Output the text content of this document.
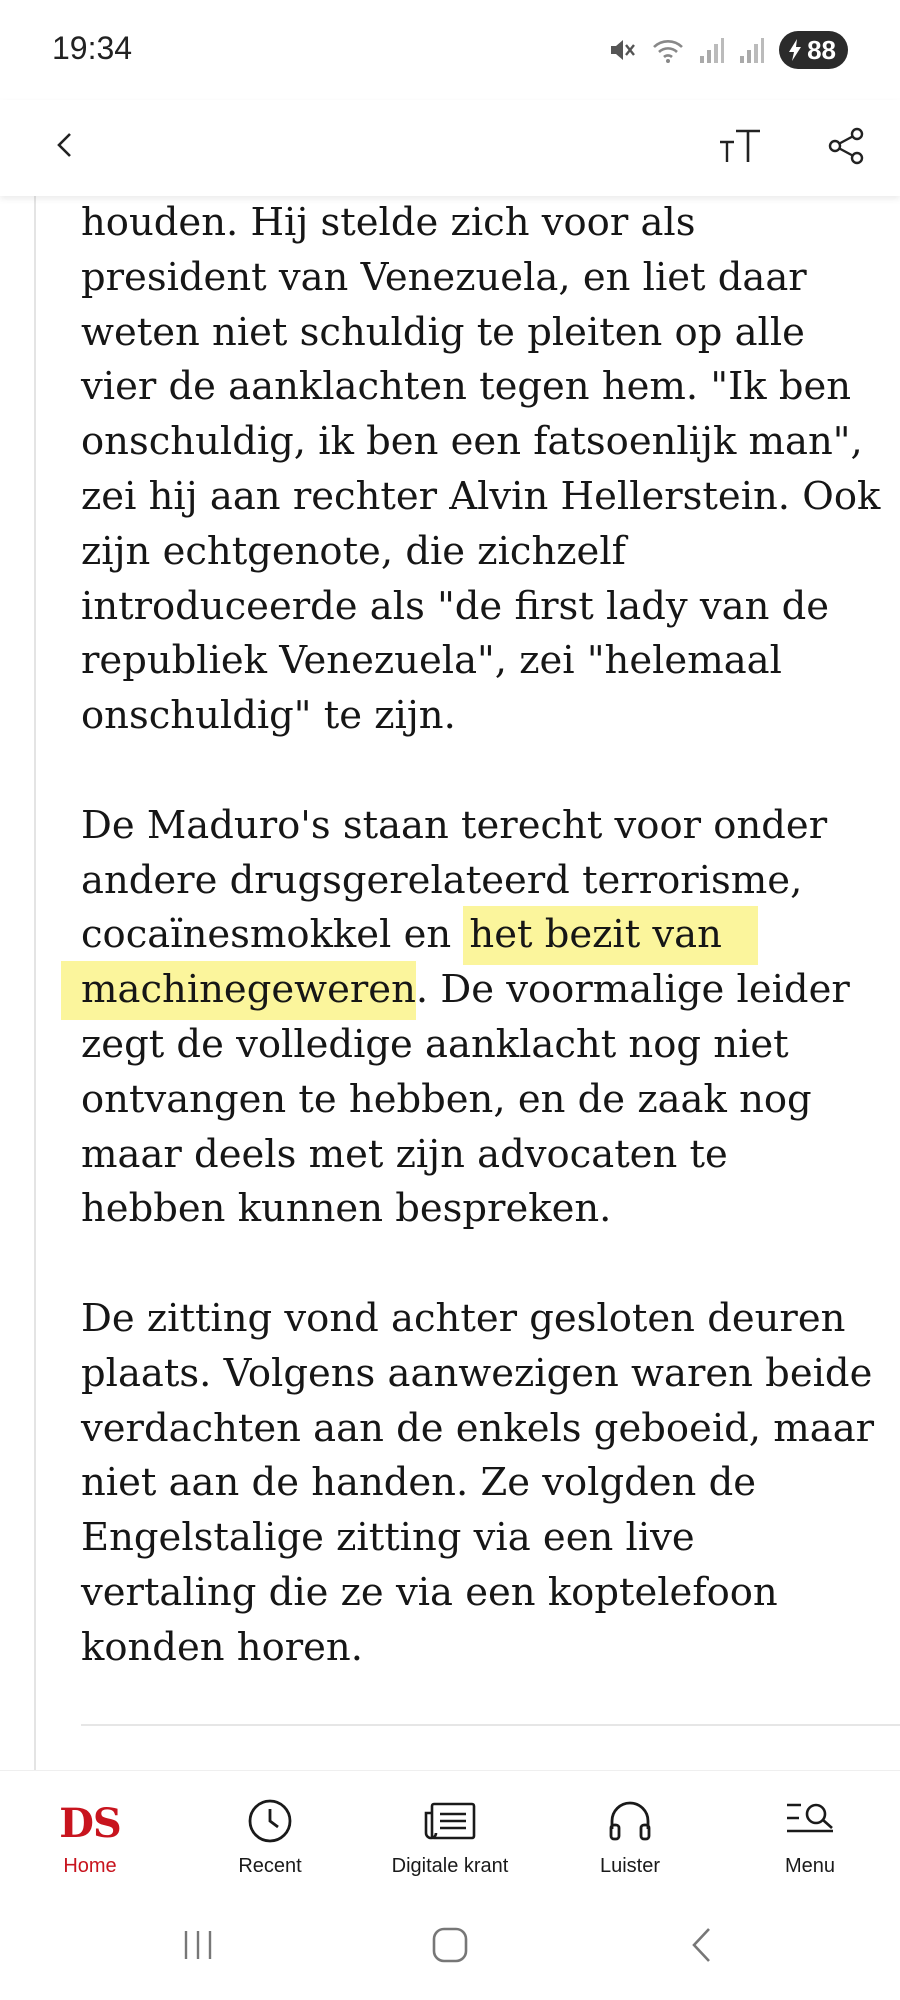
19:34	88

houden. Hij stelde zich voor als president van Venezuela, en liet daar weten niet schuldig te pleiten op alle vier de aanklachten tegen hem. "Ik ben onschuldig, ik ben een fatsoenlijk man", zei hij aan rechter Alvin Hellerstein. Ook zijn echtgenote, die zichzelf introduceerde als "de first lady van de republiek Venezuela", zei "helemaal onschuldig" te zijn.

De Maduro's staan terecht voor onder andere drugsgerelateerd terrorisme, cocaïnesmokkel en het bezit van
machinegeweren. De voormalige leider zegt de volledige aanklacht nog niet ontvangen te hebben, en de zaak nog maar deels met zijn advocaten te hebben kunnen bespreken.

De zitting vond achter gesloten deuren plaats. Volgens aanwezigen waren beide verdachten aan de enkels geboeid, maar niet aan de handen. Ze volgden de Engelstalige zitting via een live vertaling die ze via een koptelefoon konden horen.

DS
Home	Recent	Digitale krant	Luister	Menu
